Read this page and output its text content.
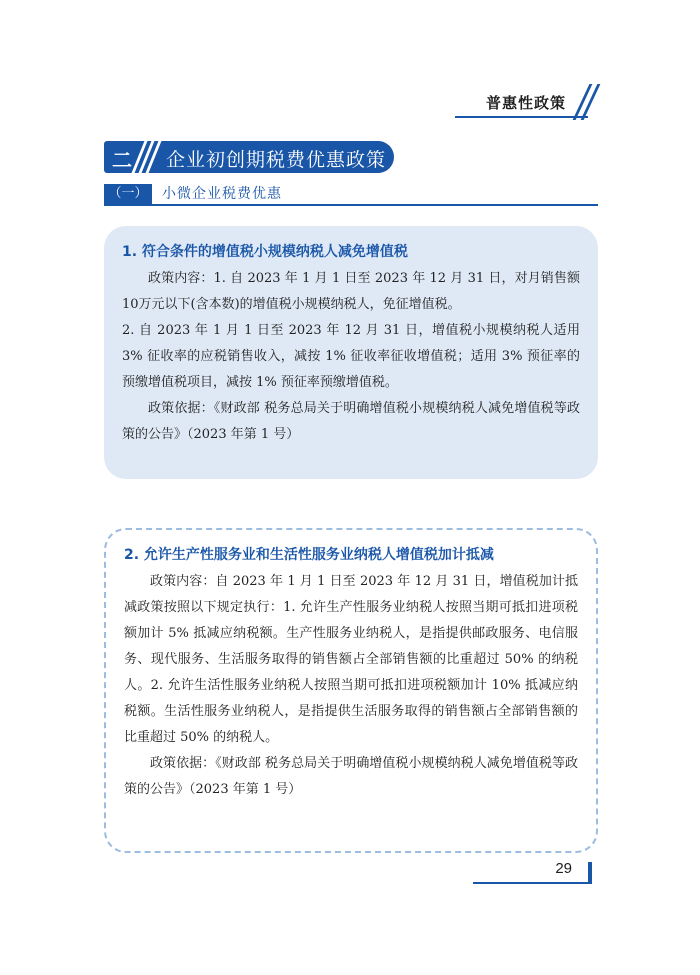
普惠性政策
二 企业初创期税费优惠政策
（一）	小微企业税费优惠
1. 符合条件的增值税小规模纳税人减免增值税

政策内容：1. 自 2023 年 1 月 1 日至 2023 年 12 月 31 日，对月销售额10万元以下(含本数)的增值税小规模纳税人，免征增值税。

2. 自 2023 年 1 月 1 日至 2023 年 12 月 31 日，增值税小规模纳税人适用 3% 征收率的应税销售收入，减按 1% 征收率征收增值税；适用 3% 预征率的预缴增值税项目，减按 1% 预征率预缴增值税。

政策依据：《财政部 税务总局关于明确增值税小规模纳税人减免增值税等政策的公告》（2023 年第 1 号）

2. 允许生产性服务业和生活性服务业纳税人增值税加计抵减

政策内容：自 2023 年 1 月 1 日至 2023 年 12 月 31 日，增值税加计抵减政策按照以下规定执行：1. 允许生产性服务业纳税人按照当期可抵扣进项税额加计 5% 抵减应纳税额。生产性服务业纳税人，是指提供邮政服务、电信服务、现代服务、生活服务取得的销售额占全部销售额的比重超过 50% 的纳税人。2. 允许生活性服务业纳税人按照当期可抵扣进项税额加计 10% 抵减应纳税额。生活性服务业纳税人，是指提供生活服务取得的销售额占全部销售额的比重超过 50% 的纳税人。

政策依据：《财政部 税务总局关于明确增值税小规模纳税人减免增值税等政策的公告》（2023 年第 1 号）

29
